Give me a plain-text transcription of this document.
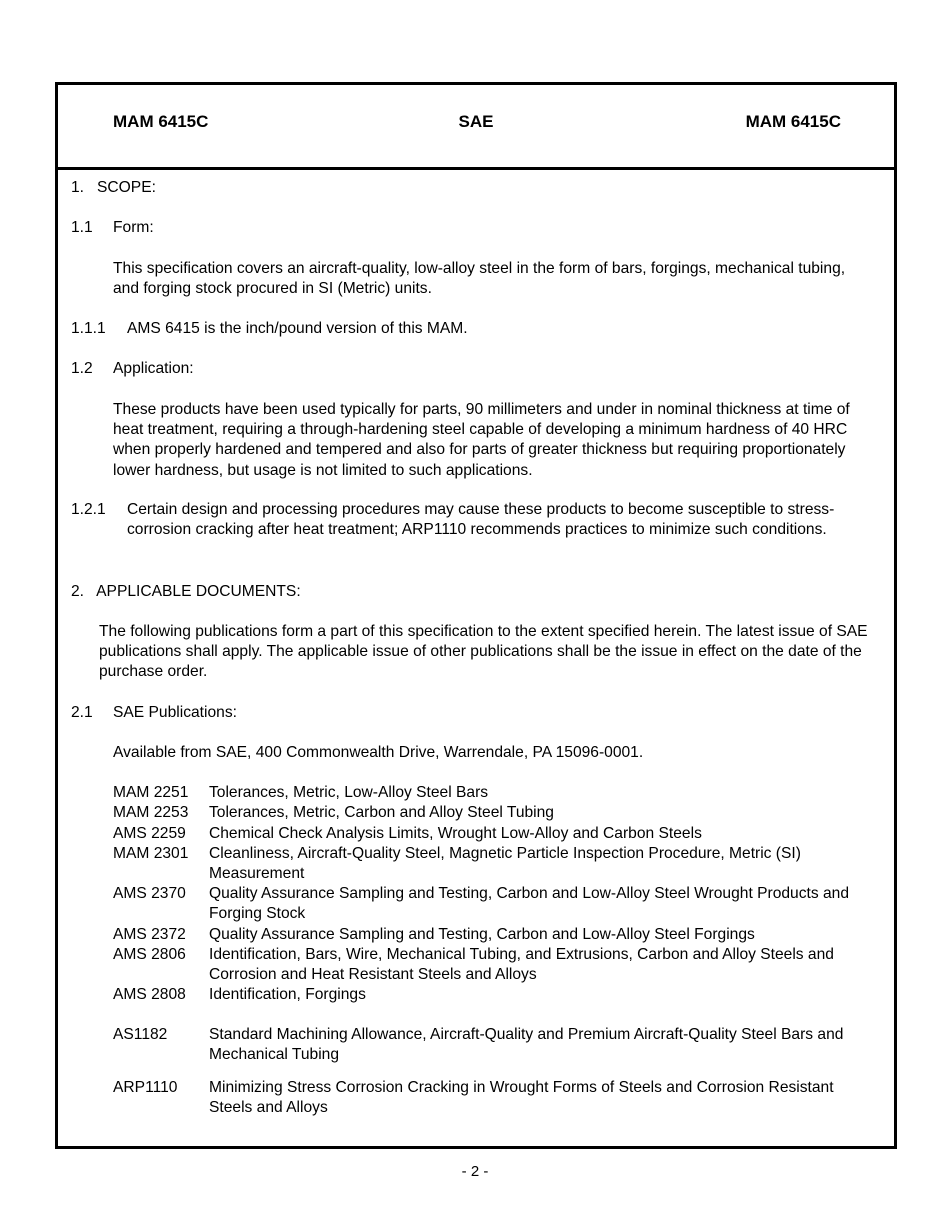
MAM 6415C	SAE	MAM 6415C
1. SCOPE:
1.1 Form:
This specification covers an aircraft-quality, low-alloy steel in the form of bars, forgings, mechanical tubing, and forging stock procured in SI (Metric) units.
1.1.1 AMS 6415 is the inch/pound version of this MAM.
1.2 Application:
These products have been used typically for parts, 90 millimeters and under in nominal thickness at time of heat treatment, requiring a through-hardening steel capable of developing a minimum hardness of 40 HRC when properly hardened and tempered and also for parts of greater thickness but requiring proportionately lower hardness, but usage is not limited to such applications.
1.2.1 Certain design and processing procedures may cause these products to become susceptible to stress-corrosion cracking after heat treatment; ARP1110 recommends practices to minimize such conditions.
2. APPLICABLE DOCUMENTS:
The following publications form a part of this specification to the extent specified herein. The latest issue of SAE publications shall apply. The applicable issue of other publications shall be the issue in effect on the date of the purchase order.
2.1 SAE Publications:
Available from SAE, 400 Commonwealth Drive, Warrendale, PA 15096-0001.
MAM 2251 Tolerances, Metric, Low-Alloy Steel Bars
MAM 2253 Tolerances, Metric, Carbon and Alloy Steel Tubing
AMS 2259 Chemical Check Analysis Limits, Wrought Low-Alloy and Carbon Steels
MAM 2301 Cleanliness, Aircraft-Quality Steel, Magnetic Particle Inspection Procedure, Metric (SI) Measurement
AMS 2370 Quality Assurance Sampling and Testing, Carbon and Low-Alloy Steel Wrought Products and Forging Stock
AMS 2372 Quality Assurance Sampling and Testing, Carbon and Low-Alloy Steel Forgings
AMS 2806 Identification, Bars, Wire, Mechanical Tubing, and Extrusions, Carbon and Alloy Steels and Corrosion and Heat Resistant Steels and Alloys
AMS 2808 Identification, Forgings
AS1182	Standard Machining Allowance, Aircraft-Quality and Premium Aircraft-Quality Steel Bars and Mechanical Tubing
ARP1110 Minimizing Stress Corrosion Cracking in Wrought Forms of Steels and Corrosion Resistant Steels and Alloys
- 2 -
